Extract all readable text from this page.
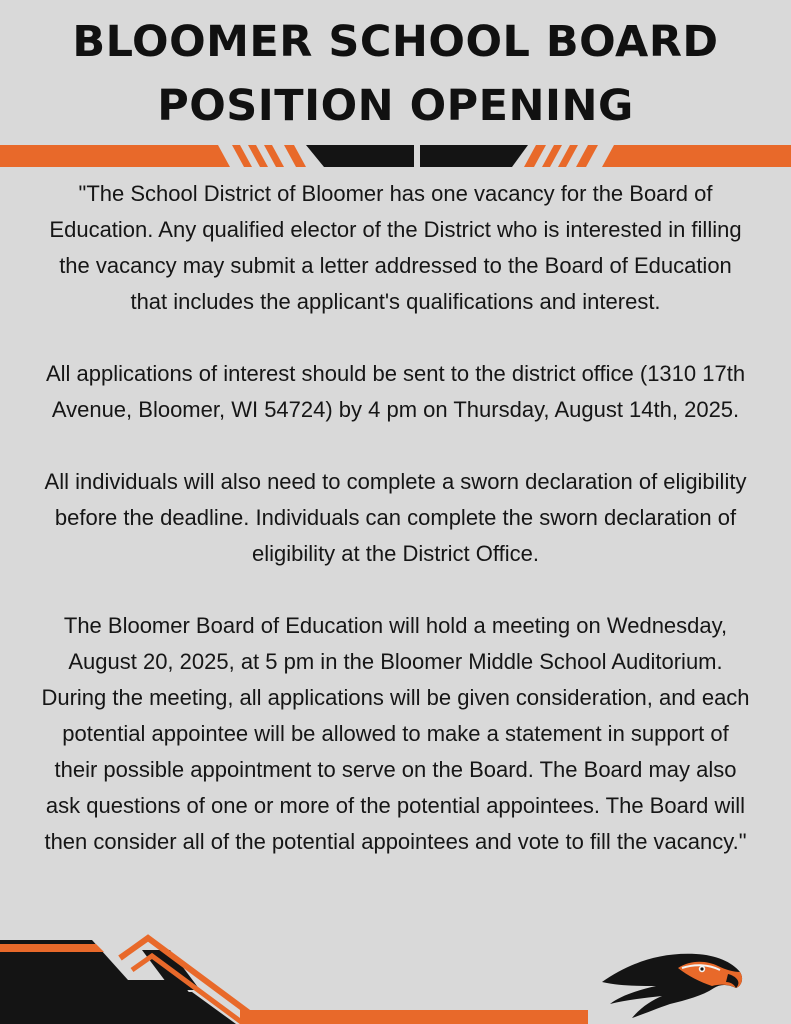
BLOOMER SCHOOL BOARD
POSITION OPENING

"The School District of Bloomer has one vacancy for the Board of Education. Any qualified elector of the District who is interested in filling the vacancy may submit a letter addressed to the Board of Education that includes the applicant's qualifications and interest.

All applications of interest should be sent to the district office (1310 17th Avenue, Bloomer, WI 54724) by 4 pm on Thursday, August 14th, 2025.

All individuals will also need to complete a sworn declaration of eligibility before the deadline. Individuals can complete the sworn declaration of eligibility at the District Office.

The Bloomer Board of Education will hold a meeting on Wednesday, August 20, 2025, at 5 pm in the Bloomer Middle School Auditorium. During the meeting, all applications will be given consideration, and each potential appointee will be allowed to make a statement in support of their possible appointment to serve on the Board. The Board may also ask questions of one or more of the potential appointees. The Board will then consider all of the potential appointees and vote to fill the vacancy."
